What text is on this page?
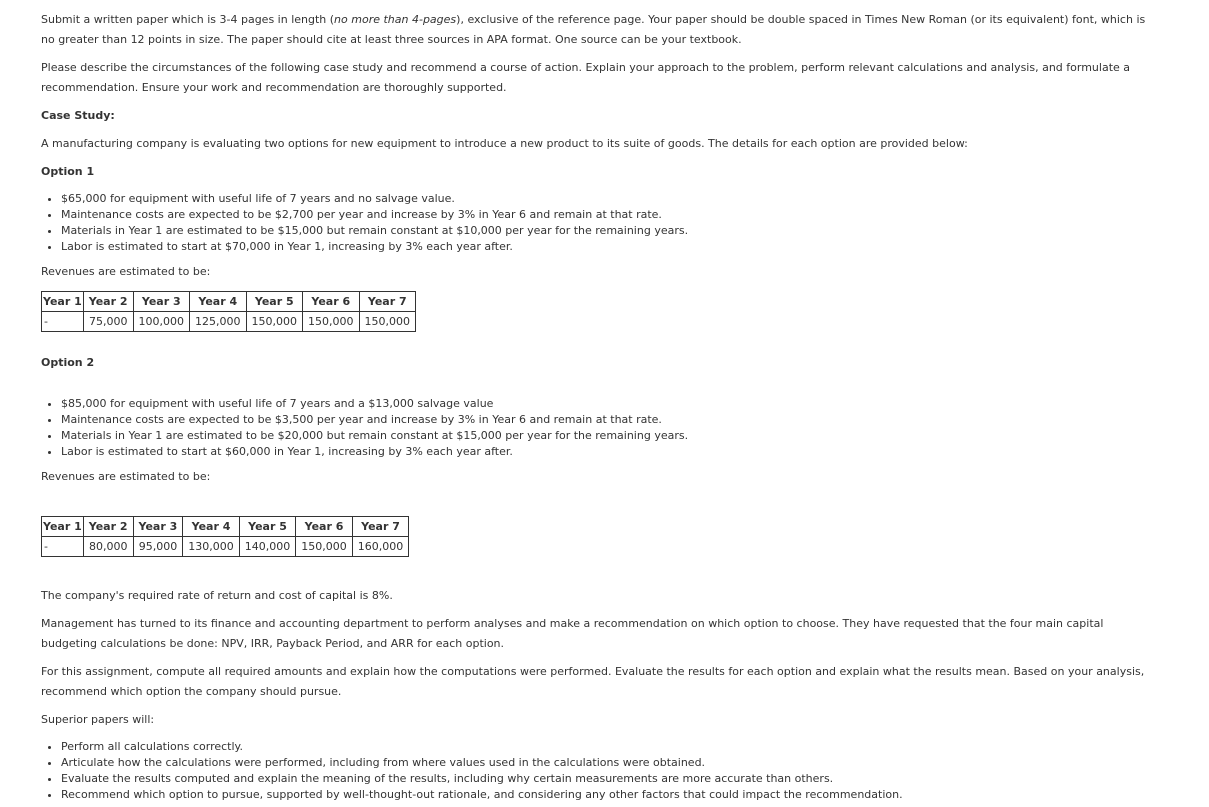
Submit a written paper which is 3-4 pages in length (no more than 4-pages), exclusive of the reference page. Your paper should be double spaced in Times New Roman (or its equivalent) font, which is no greater than 12 points in size. The paper should cite at least three sources in APA format. One source can be your textbook.

Please describe the circumstances of the following case study and recommend a course of action. Explain your approach to the problem, perform relevant calculations and analysis, and formulate a recommendation. Ensure your work and recommendation are thoroughly supported.

Case Study:

A manufacturing company is evaluating two options for new equipment to introduce a new product to its suite of goods. The details for each option are provided below:

Option 1

• $65,000 for equipment with useful life of 7 years and no salvage value.
• Maintenance costs are expected to be $2,700 per year and increase by 3% in Year 6 and remain at that rate.
• Materials in Year 1 are estimated to be $15,000 but remain constant at $10,000 per year for the remaining years.
• Labor is estimated to start at $70,000 in Year 1, increasing by 3% each year after.

Revenues are estimated to be:

Year 1	Year 2	Year 3	Year 4	Year 5	Year 6	Year 7
-	75,000	100,000	125,000	150,000	150,000	150,000

Option 2

• $85,000 for equipment with useful life of 7 years and a $13,000 salvage value
• Maintenance costs are expected to be $3,500 per year and increase by 3% in Year 6 and remain at that rate.
• Materials in Year 1 are estimated to be $20,000 but remain constant at $15,000 per year for the remaining years.
• Labor is estimated to start at $60,000 in Year 1, increasing by 3% each year after.

Revenues are estimated to be:

Year 1	Year 2	Year 3	Year 4	Year 5	Year 6	Year 7
-	80,000	95,000	130,000	140,000	150,000	160,000

The company's required rate of return and cost of capital is 8%.

Management has turned to its finance and accounting department to perform analyses and make a recommendation on which option to choose. They have requested that the four main capital budgeting calculations be done: NPV, IRR, Payback Period, and ARR for each option.

For this assignment, compute all required amounts and explain how the computations were performed. Evaluate the results for each option and explain what the results mean. Based on your analysis, recommend which option the company should pursue.

Superior papers will:

• Perform all calculations correctly.
• Articulate how the calculations were performed, including from where values used in the calculations were obtained.
• Evaluate the results computed and explain the meaning of the results, including why certain measurements are more accurate than others.
• Recommend which option to pursue, supported by well-thought-out rationale, and considering any other factors that could impact the recommendation.
